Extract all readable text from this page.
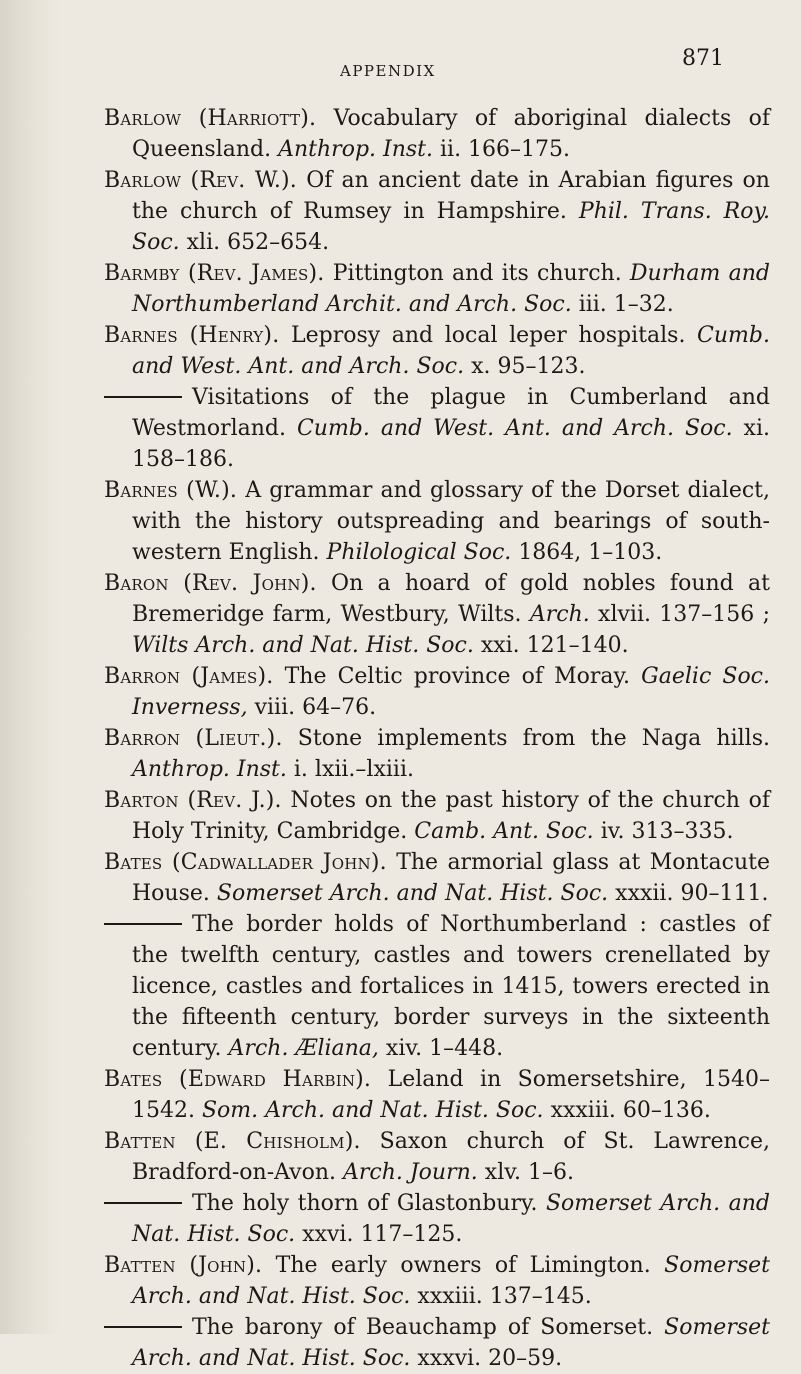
APPENDIX	871

Barlow (Harriott). Vocabulary of aboriginal dialects of Queensland. Anthrop. Inst. ii. 166–175.

Barlow (Rev. W.). Of an ancient date in Arabian figures on the church of Rumsey in Hampshire. Phil. Trans. Roy. Soc. xli. 652–654.

Barmby (Rev. James). Pittington and its church. Durham and Northumberland Archit. and Arch. Soc. iii. 1–32.

Barnes (Henry). Leprosy and local leper hospitals. Cumb. and West. Ant. and Arch. Soc. x. 95–123.

Visitations of the plague in Cumberland and Westmorland. Cumb. and West. Ant. and Arch. Soc. xi. 158–186.

Barnes (W.). A grammar and glossary of the Dorset dialect, with the history outspreading and bearings of south-western English. Philological Soc. 1864, 1–103.

Baron (Rev. John). On a hoard of gold nobles found at Bremeridge farm, Westbury, Wilts. Arch. xlvii. 137–156 ; Wilts Arch. and Nat. Hist. Soc. xxi. 121–140.

Barron (James). The Celtic province of Moray. Gaelic Soc. Inverness, viii. 64–76.

Barron (Lieut.). Stone implements from the Naga hills. Anthrop. Inst. i. lxii.–lxiii.

Barton (Rev. J.). Notes on the past history of the church of Holy Trinity, Cambridge. Camb. Ant. Soc. iv. 313–335.

Bates (Cadwallader John). The armorial glass at Montacute House. Somerset Arch. and Nat. Hist. Soc. xxxii. 90–111.

The border holds of Northumberland : castles of the twelfth century, castles and towers crenellated by licence, castles and fortalices in 1415, towers erected in the fifteenth century, border surveys in the sixteenth century. Arch. Æliana, xiv. 1–448.

Bates (Edward Harbin). Leland in Somersetshire, 1540–1542. Som. Arch. and Nat. Hist. Soc. xxxiii. 60–136.

Batten (E. Chisholm). Saxon church of St. Lawrence, Bradford-on-Avon. Arch. Journ. xlv. 1–6.

The holy thorn of Glastonbury. Somerset Arch. and Nat. Hist. Soc. xxvi. 117–125.

Batten (John). The early owners of Limington. Somerset Arch. and Nat. Hist. Soc. xxxiii. 137–145.

The barony of Beauchamp of Somerset. Somerset Arch. and Nat. Hist. Soc. xxxvi. 20–59.
